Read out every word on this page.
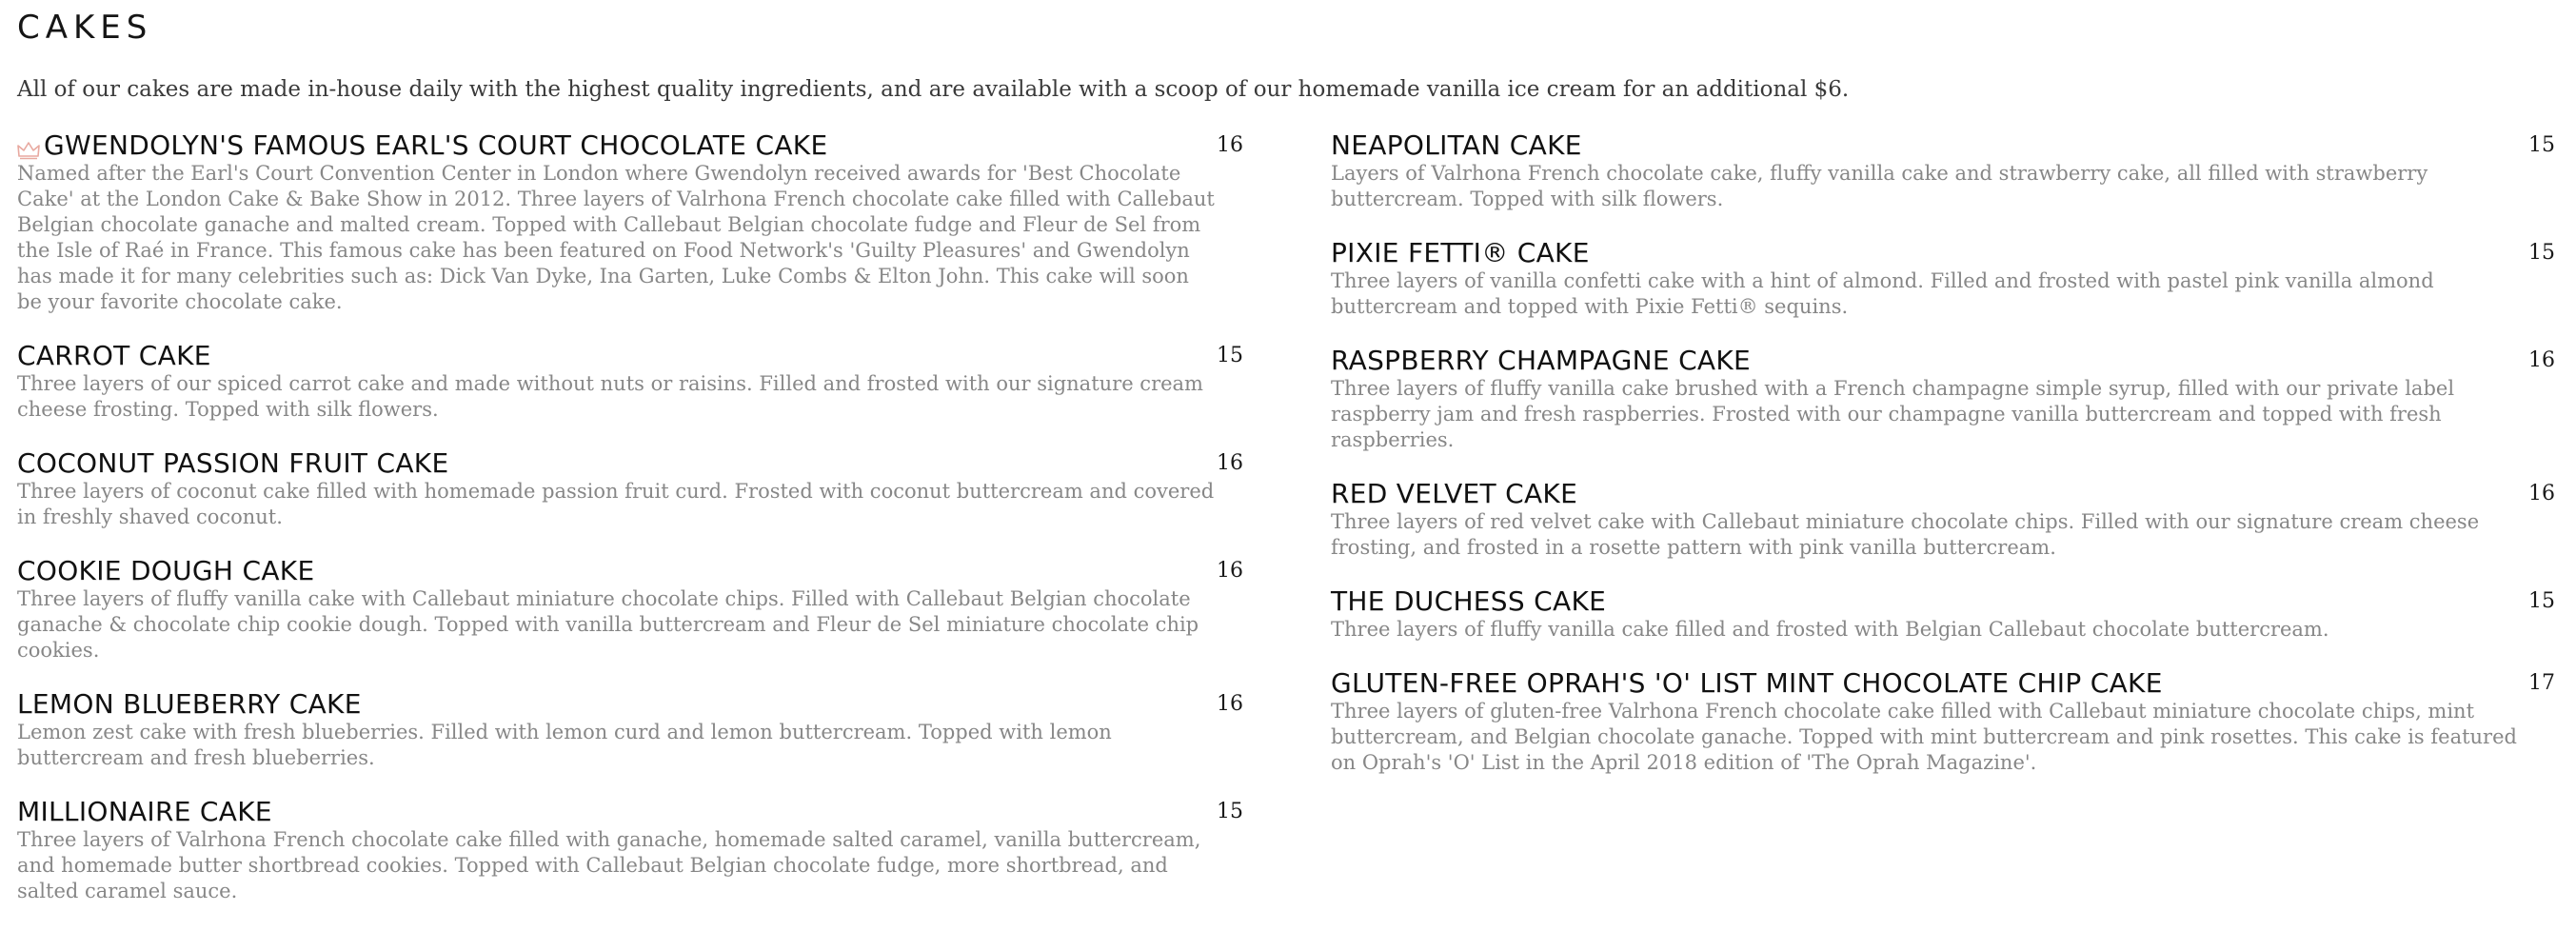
CAKES
All of our cakes are made in-house daily with the highest quality ingredients, and are available with a scoop of our homemade vanilla ice cream for an additional $6.
GWENDOLYN'S FAMOUS EARL'S COURT CHOCOLATE CAKE	16
Named after the Earl's Court Convention Center in London where Gwendolyn received awards for 'Best Chocolate Cake' at the London Cake & Bake Show in 2012. Three layers of Valrhona French chocolate cake filled with Callebaut Belgian chocolate ganache and malted cream. Topped with Callebaut Belgian chocolate fudge and Fleur de Sel from the Isle of Raé in France. This famous cake has been featured on Food Network's 'Guilty Pleasures' and Gwendolyn has made it for many celebrities such as: Dick Van Dyke, Ina Garten, Luke Combs & Elton John. This cake will soon be your favorite chocolate cake.
CARROT CAKE	15
Three layers of our spiced carrot cake and made without nuts or raisins. Filled and frosted with our signature cream cheese frosting. Topped with silk flowers.
COCONUT PASSION FRUIT CAKE	16
Three layers of coconut cake filled with homemade passion fruit curd. Frosted with coconut buttercream and covered in freshly shaved coconut.
COOKIE DOUGH CAKE	16
Three layers of fluffy vanilla cake with Callebaut miniature chocolate chips. Filled with Callebaut Belgian chocolate ganache & chocolate chip cookie dough. Topped with vanilla buttercream and Fleur de Sel miniature chocolate chip cookies.
LEMON BLUEBERRY CAKE	16
Lemon zest cake with fresh blueberries. Filled with lemon curd and lemon buttercream. Topped with lemon buttercream and fresh blueberries.
MILLIONAIRE CAKE	15
Three layers of Valrhona French chocolate cake filled with ganache, homemade salted caramel, vanilla buttercream, and homemade butter shortbread cookies. Topped with Callebaut Belgian chocolate fudge, more shortbread, and salted caramel sauce.
NEAPOLITAN CAKE	15
Layers of Valrhona French chocolate cake, fluffy vanilla cake and strawberry cake, all filled with strawberry buttercream. Topped with silk flowers.
PIXIE FETTI® CAKE	15
Three layers of vanilla confetti cake with a hint of almond. Filled and frosted with pastel pink vanilla almond buttercream and topped with Pixie Fetti® sequins.
RASPBERRY CHAMPAGNE CAKE	16
Three layers of fluffy vanilla cake brushed with a French champagne simple syrup, filled with our private label raspberry jam and fresh raspberries. Frosted with our champagne vanilla buttercream and topped with fresh raspberries.
RED VELVET CAKE	16
Three layers of red velvet cake with Callebaut miniature chocolate chips. Filled with our signature cream cheese frosting, and frosted in a rosette pattern with pink vanilla buttercream.
THE DUCHESS CAKE	15
Three layers of fluffy vanilla cake filled and frosted with Belgian Callebaut chocolate buttercream.
GLUTEN-FREE OPRAH'S 'O' LIST MINT CHOCOLATE CHIP CAKE	17
Three layers of gluten-free Valrhona French chocolate cake filled with Callebaut miniature chocolate chips, mint buttercream, and Belgian chocolate ganache. Topped with mint buttercream and pink rosettes. This cake is featured on Oprah's 'O' List in the April 2018 edition of 'The Oprah Magazine'.
